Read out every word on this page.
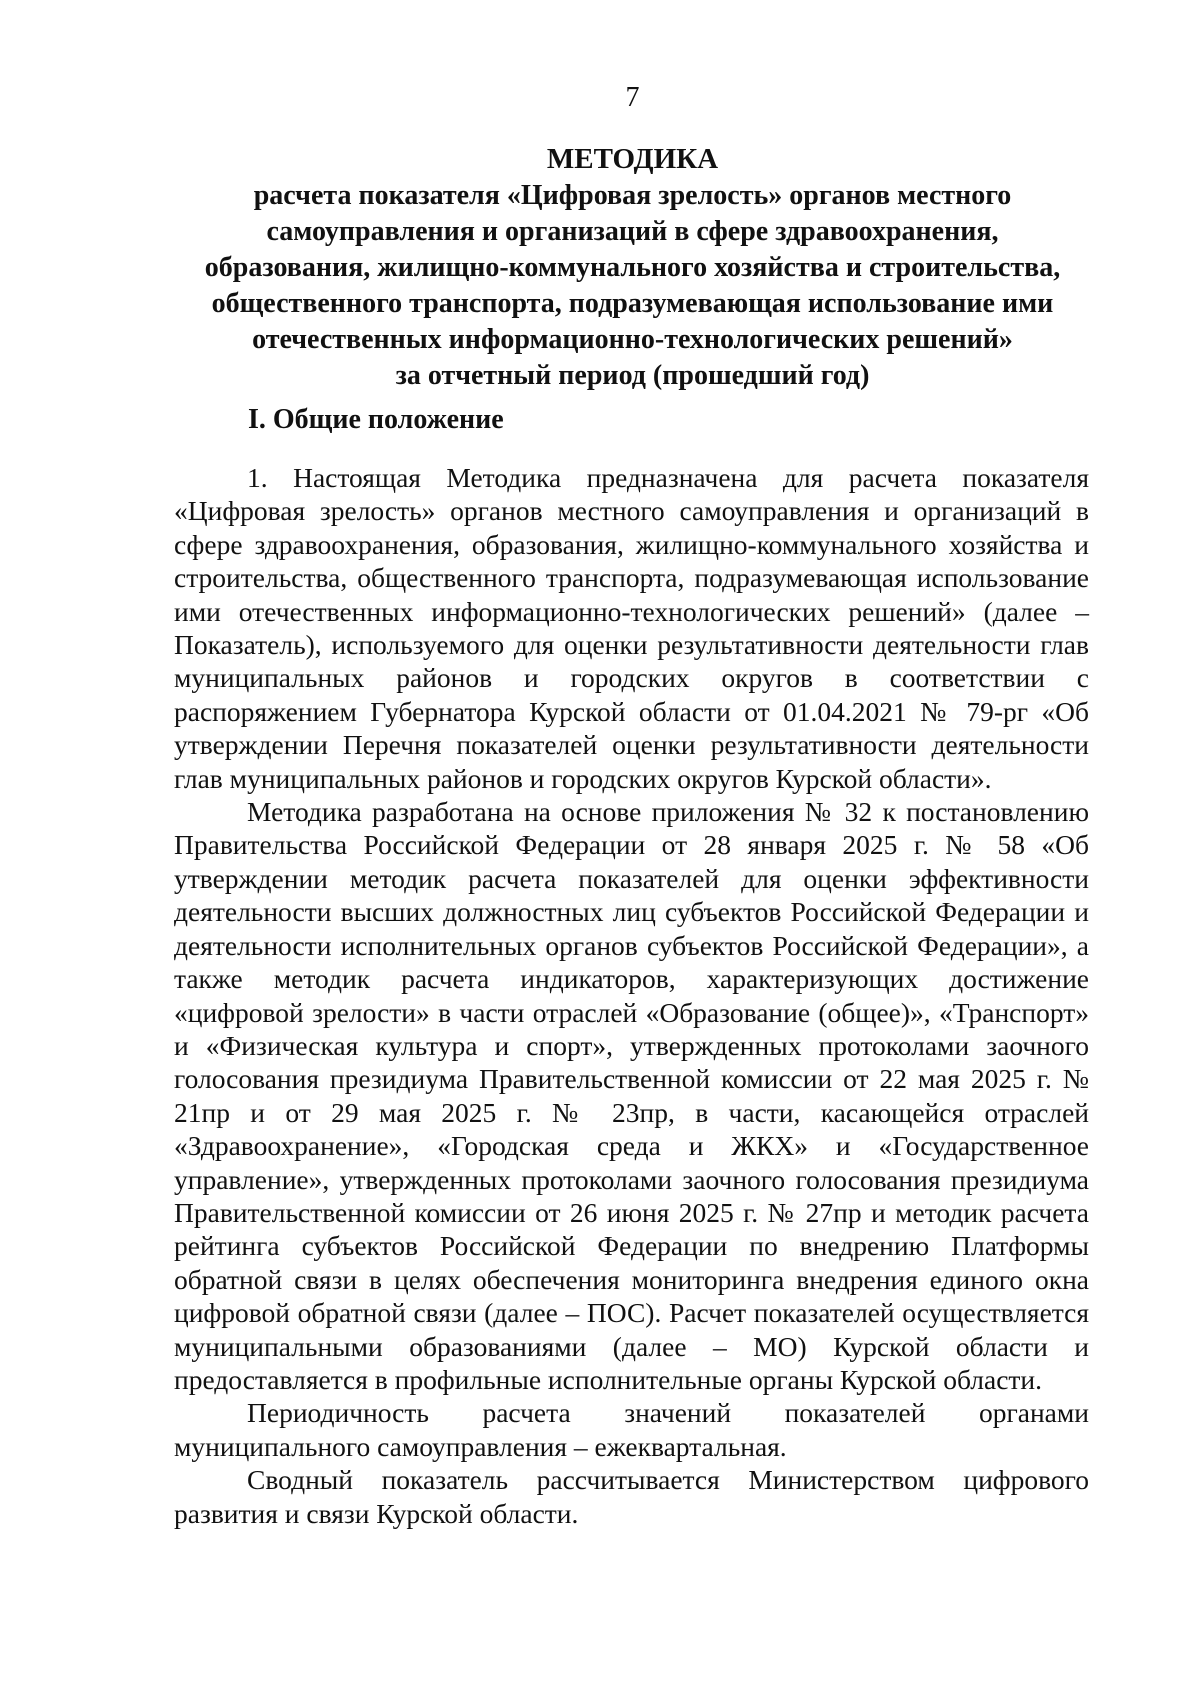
7
МЕТОДИКА
расчета показателя «Цифровая зрелость» органов местного
самоуправления и организаций в сфере здравоохранения,
образования, жилищно-коммунального хозяйства и строительства,
общественного транспорта, подразумевающая использование ими
отечественных информационно-технологических решений»
за отчетный период (прошедший год)
I. Общие положение

1. Настоящая Методика предназначена для расчета показателя «Цифровая зрелость» органов местного самоуправления и организаций в сфере здравоохранения, образования, жилищно-коммунального хозяйства и строительства, общественного транспорта, подразумевающая использование ими отечественных информационно-технологических решений» (далее – Показатель), используемого для оценки результативности деятельности глав муниципальных районов и городских округов в соответствии с распоряжением Губернатора Курской области от 01.04.2021 № 79-рг «Об утверждении Перечня показателей оценки результативности деятельности глав муниципальных районов и городских округов Курской области».

Методика разработана на основе приложения № 32 к постановлению Правительства Российской Федерации от 28 января 2025 г. № 58 «Об утверждении методик расчета показателей для оценки эффективности деятельности высших должностных лиц субъектов Российской Федерации и деятельности исполнительных органов субъектов Российской Федерации», а также методик расчета индикаторов, характеризующих достижение «цифровой зрелости» в части отраслей «Образование (общее)», «Транспорт» и «Физическая культура и спорт», утвержденных протоколами заочного голосования президиума Правительственной комиссии от 22 мая 2025 г. № 21пр и от 29 мая 2025 г. № 23пр, в части, касающейся отраслей «Здравоохранение», «Городская среда и ЖКХ» и «Государственное управление», утвержденных протоколами заочного голосования президиума Правительственной комиссии от 26 июня 2025 г. № 27пр и методик расчета рейтинга субъектов Российской Федерации по внедрению Платформы обратной связи в целях обеспечения мониторинга внедрения единого окна цифровой обратной связи (далее – ПОС). Расчет показателей осуществляется муниципальными образованиями (далее – МО) Курской области и предоставляется в профильные исполнительные органы Курской области.

Периодичность расчета значений показателей органами муниципального самоуправления – ежеквартальная.

Сводный показатель рассчитывается Министерством цифрового развития и связи Курской области.
